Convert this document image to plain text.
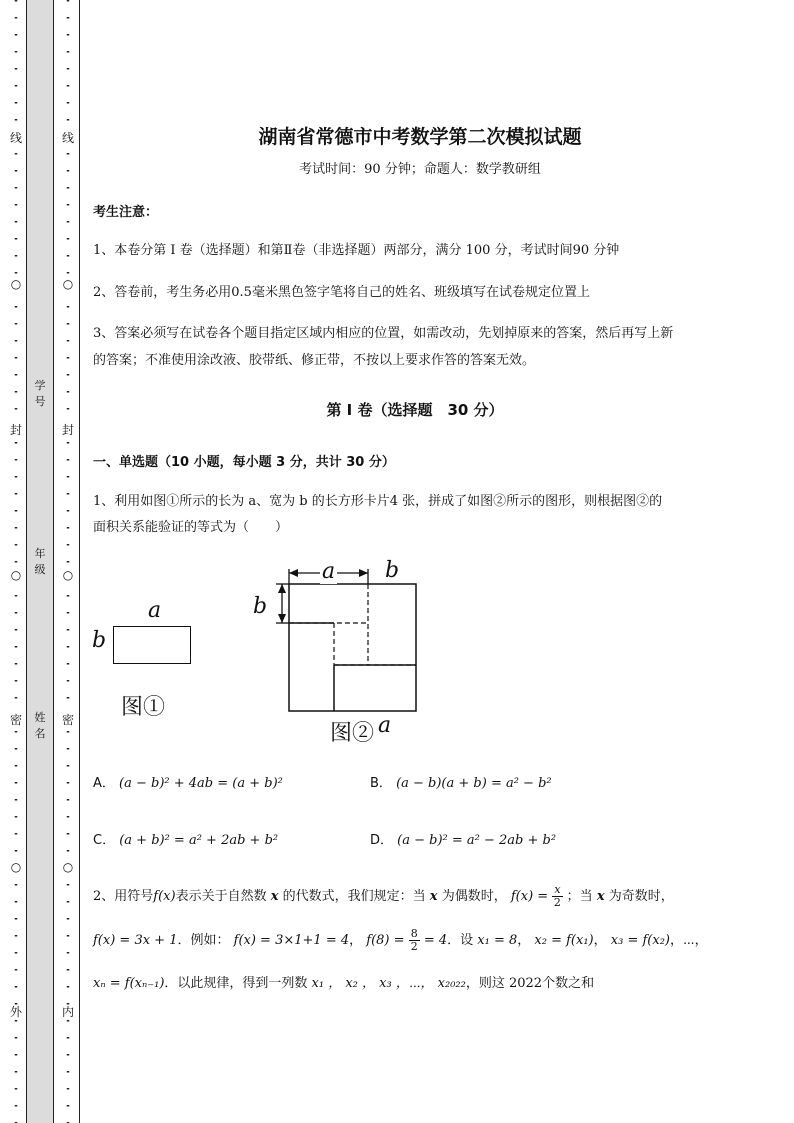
线
○
封
○
密
○
外
线
○
封
○
密
○
内
学号
年级
姓名
湖南省常德市中考数学第二次模拟试题
考试时间：90 分钟；命题人：数学教研组
考生注意：
1、本卷分第 I 卷（选择题）和第Ⅱ卷（非选择题）两部分，满分 100 分，考试时间90 分钟
2、答卷前，考生务必用0.5毫米黑色签字笔将自己的姓名、班级填写在试卷规定位置上
3、答案必须写在试卷各个题目指定区域内相应的位置，如需改动，先划掉原来的答案，然后再写上新
的答案；不准使用涂改液、胶带纸、修正带，不按以上要求作答的答案无效。
第 I 卷（选择题　30 分）
一、单选题（10 小题，每小题 3 分，共计 30 分）
1、利用如图①所示的长为 a、宽为 b 的长方形卡片4 张，拼成了如图②所示的图形，则根据图②的
面积关系能验证的等式为（　　）
a
b
图①
a b
b
图② a
A． (a − b)² + 4ab = (a + b)²	B． (a − b)(a + b) = a² − b²
C． (a + b)² = a² + 2ab + b²	D． (a − b)² = a² − 2ab + b²
2、用符号f(x)表示关于自然数 x 的代数式，我们规定：当 x 为偶数时， $f(x) = \frac{x}{2}$ ；当 x 为奇数时，
f(x) = 3x + 1．例如： f(x) = 3×1+1 = 4， $f(8) = \frac{8}{2} = 4$．设 x₁ = 8， x₂ = f(x₁)， x₃ = f(x₂)，⋯，
xₙ = f(xₙ₋₁)．以此规律，得到一列数 x₁ ， x₂ ， x₃ ，⋯， x₂₀₂₂，则这 2022个数之和
